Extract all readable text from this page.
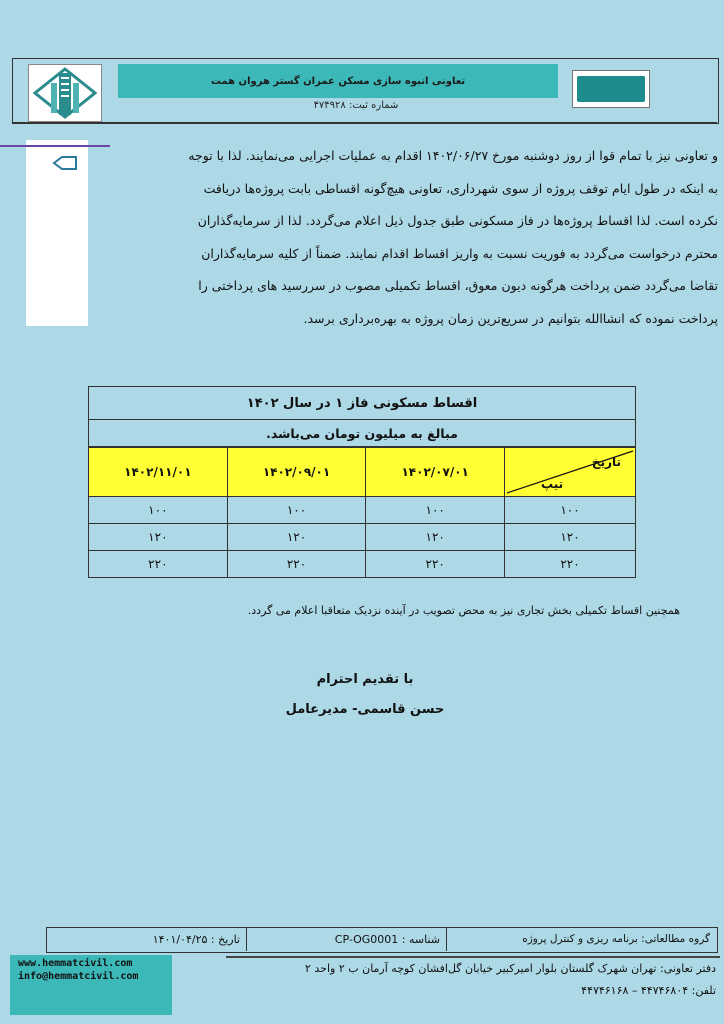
تعاونی انبوه سازی مسکن عمران گستر هروان همت
شماره ثبت: ۴۷۴۹۲۸

و تعاونی نیز با تمام قوا از روز دوشنبه مورخ ۱۴۰۲/۰۶/۲۷ اقدام به عملیات اجرایی می‌نمایند. لذا با توجه

به اینکه در طول ایام توقف پروژه از سوی شهرداری، تعاونی هیچ‌گونه اقساطی بابت پروژه‌ها دریافت

نکرده است. لذا اقساط پروژه‌ها در فاز مسکونی طبق جدول ذیل اعلام می‌گردد. لذا از سرمایه‌گذاران

محترم درخواست می‌گردد به فوریت نسبت به واریز اقساط اقدام نمایند. ضمناً از کلیه سرمایه‌گذاران

تقاضا می‌گردد ضمن پرداخت هرگونه دیون معوق، اقساط تکمیلی مصوب در سررسید های پرداختی را

پرداخت نموده که انشاالله بتوانیم در سریع‌ترین زمان پروژه به بهره‌برداری برسد.

اقساط مسکونی فاز ۱ در سال ۱۴۰۲
مبالغ به میلیون تومان می‌باشد.
تاریخ
تیپ	۱۴۰۲/۰۷/۰۱	۱۴۰۲/۰۹/۰۱	۱۴۰۲/۱۱/۰۱
۱۰۰	۱۰۰	۱۰۰	۱۰۰
۱۲۰	۱۲۰	۱۲۰	۱۲۰
۲۲۰	۲۲۰	۲۲۰	۲۲۰
همچنین اقساط تکمیلی بخش تجاری نیز به محض تصویب در آینده نزدیک متعاقبا اعلام می گردد.
با تقدیم احترام
حسن قاسمی- مدیرعامل
گروه مطالعاتی: برنامه ریزی و کنترل پروژه
شناسه : CP-OG0001
تاریخ : ۱۴۰۱/۰۴/۲۵
www.hemmatcivil.com
info@hemmatcivil.com
دفتر تعاونی: تهران شهرک گلستان بلوار امیرکبیر خیابان گل‌افشان کوچه آرمان ب ۲ واحد ۲
تلفن: ۴۴۷۴۶۸۰۴ – ۴۴۷۴۶۱۶۸
